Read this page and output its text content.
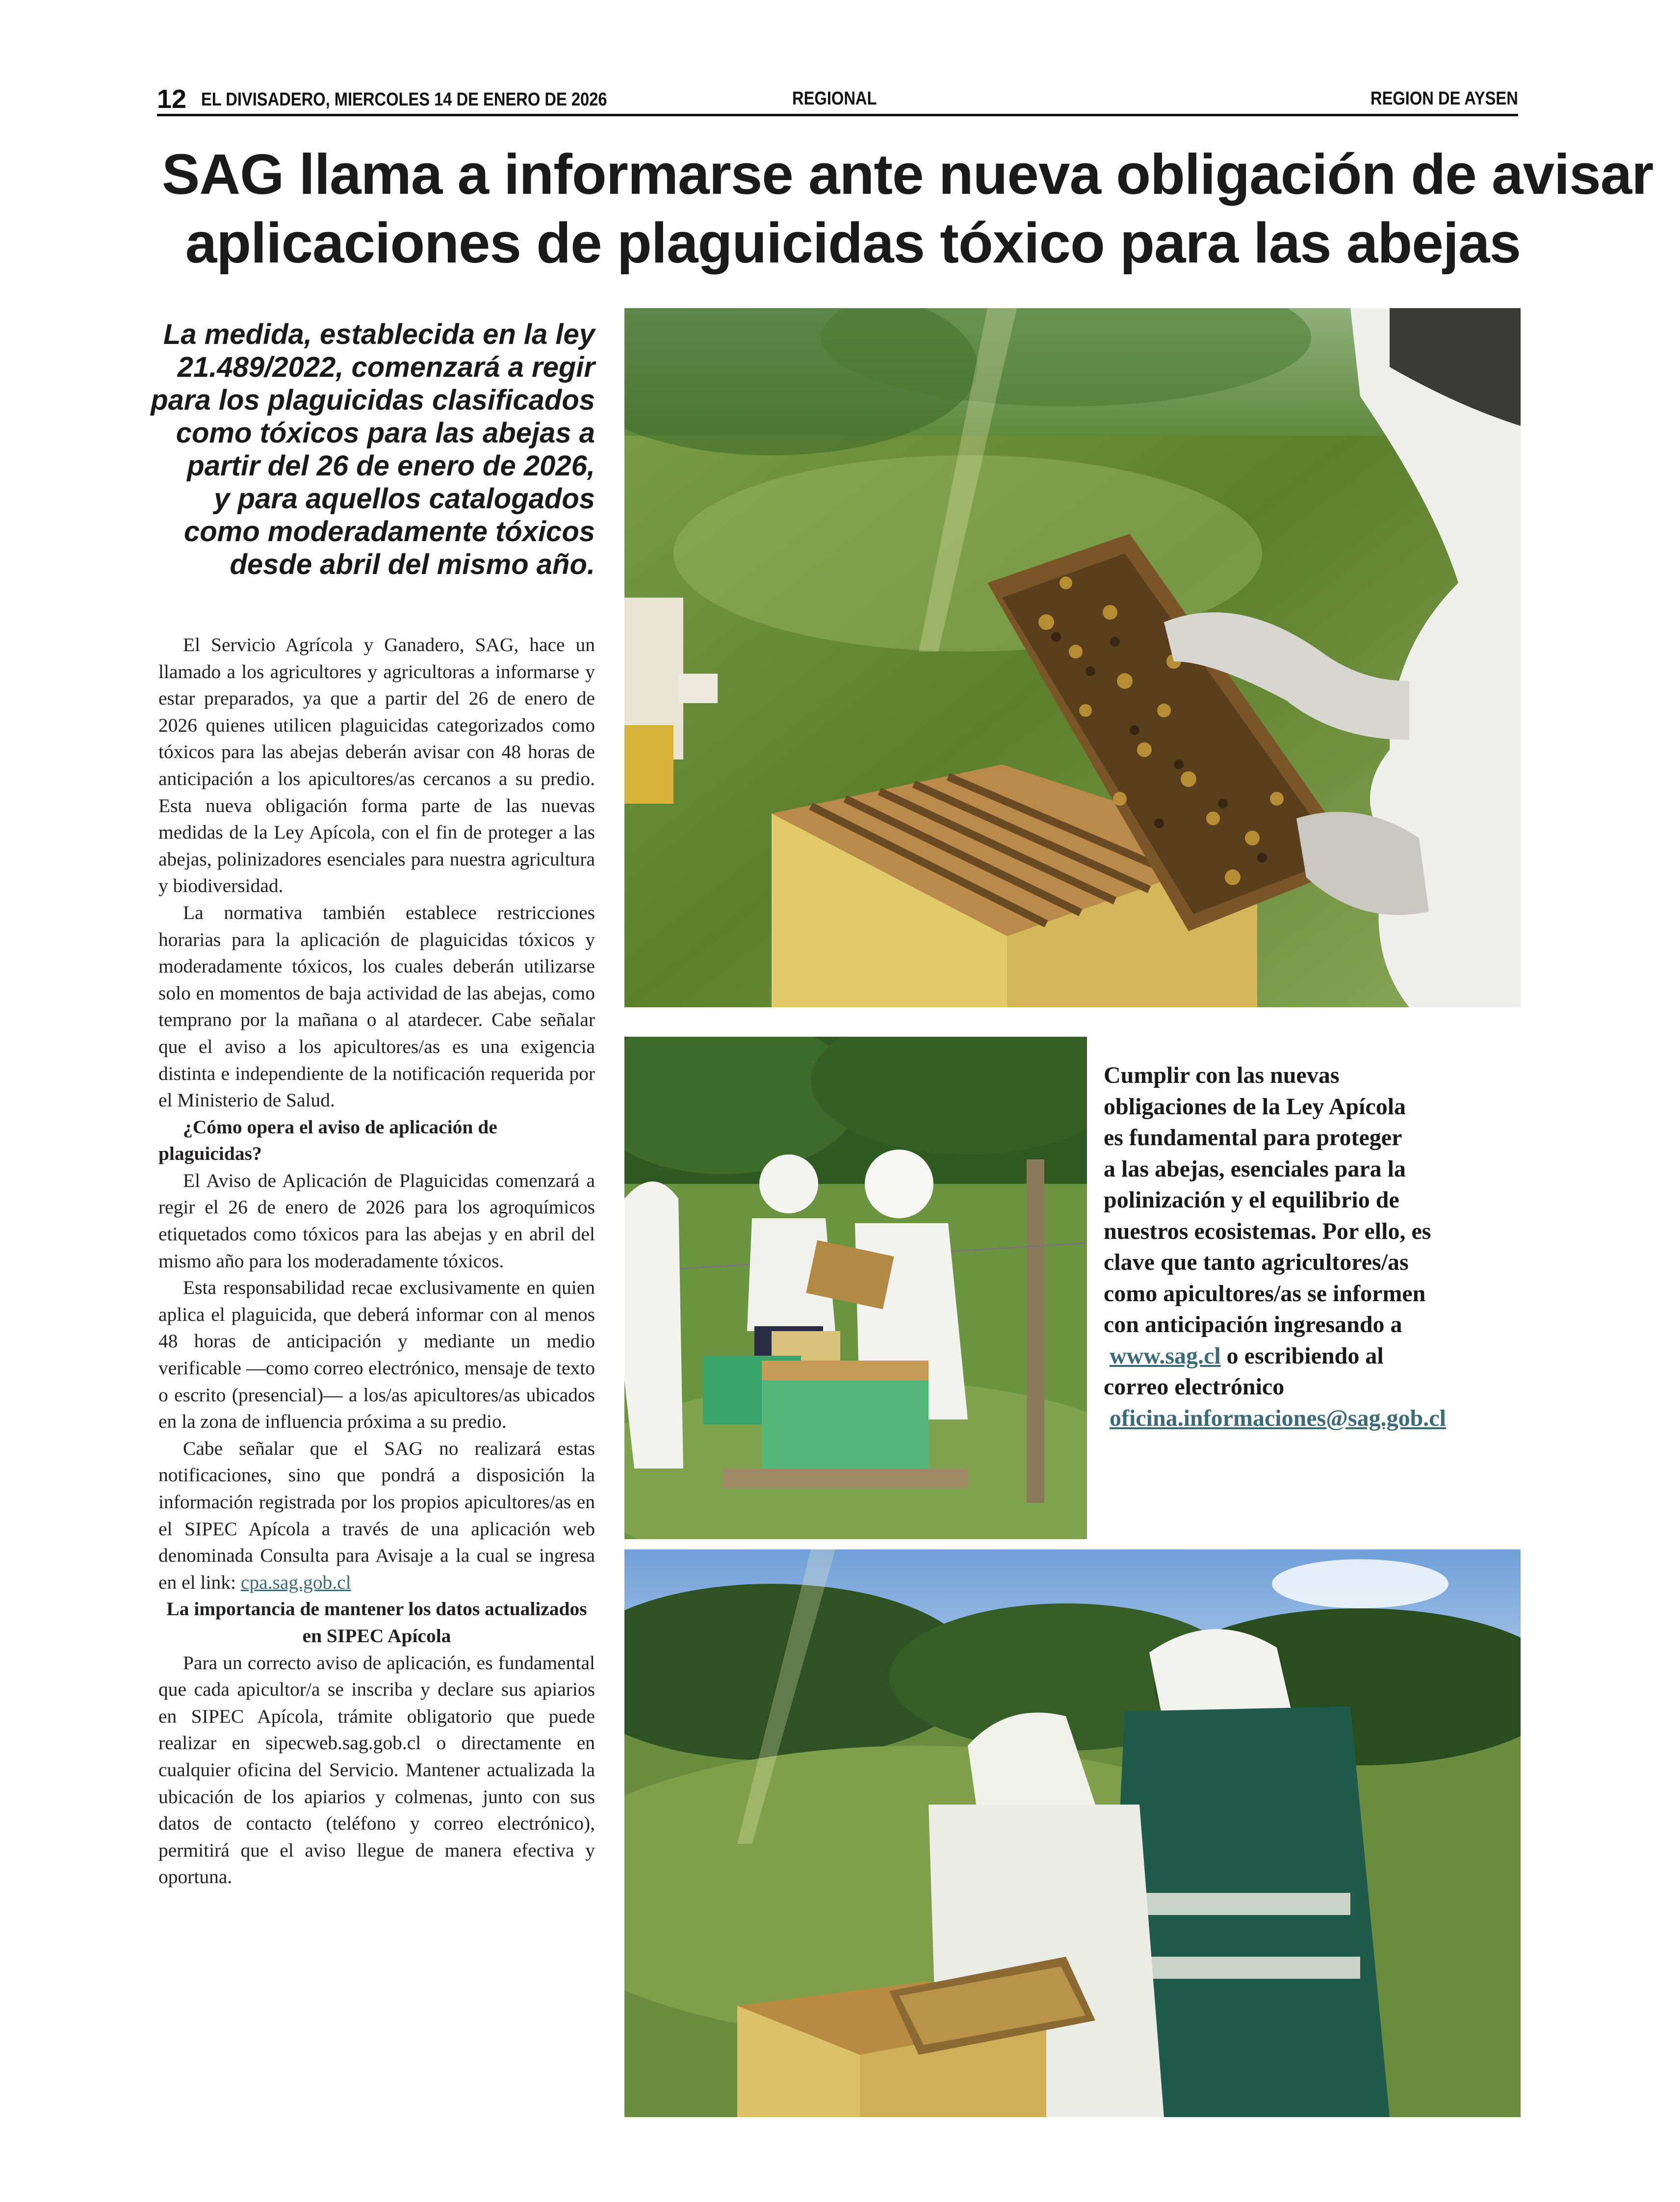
12 EL DIVISADERO, MIERCOLES 14 DE ENERO DE 2026	REGIONAL	REGION DE AYSEN
SAG llama a informarse ante nueva obligación de avisar
aplicaciones de plaguicidas tóxico para las abejas
La medida, establecida en la ley
21.489/2022, comenzará a regir
para los plaguicidas clasificados
como tóxicos para las abejas a
partir del 26 de enero de 2026,
y para aquellos catalogados
como moderadamente tóxicos
desde abril del mismo año.

El Servicio Agrícola y Ganadero, SAG, hace un llamado a los agricultores y agricultoras a informarse y estar preparados, ya que a partir del 26 de enero de 2026 quienes utilicen plaguicidas categorizados como tóxicos para las abejas deberán avisar con 48 horas de anticipación a los apicultores/as cercanos a su predio. Esta nueva obligación forma parte de las nuevas medidas de la Ley Apícola, con el fin de proteger a las abejas, polinizadores esenciales para nuestra agricultura y biodiversidad.

La normativa también establece restricciones horarias para la aplicación de plaguicidas tóxicos y moderadamente tóxicos, los cuales deberán utilizarse solo en momentos de baja actividad de las abejas, como temprano por la mañana o al atardecer. Cabe señalar que el aviso a los apicultores/as es una exigencia distinta e independiente de la notificación requerida por el Ministerio de Salud.

¿Cómo opera el aviso de aplicación de plaguicidas?

El Aviso de Aplicación de Plaguicidas comenzará a regir el 26 de enero de 2026 para los agroquímicos etiquetados como tóxicos para las abejas y en abril del mismo año para los moderadamente tóxicos.

Esta responsabilidad recae exclusivamente en quien aplica el plaguicida, que deberá informar con al menos 48 horas de anticipación y mediante un medio verificable —como correo electrónico, mensaje de texto o escrito (presencial)— a los/as apicultores/as ubicados en la zona de influencia próxima a su predio.

Cabe señalar que el SAG no realizará estas notificaciones, sino que pondrá a disposición la información registrada por los propios apicultores/as en el SIPEC Apícola a través de una aplicación web denominada Consulta para Avisaje a la cual se ingresa en el link: cpa.sag.gob.cl

La importancia de mantener los datos actualizados en SIPEC Apícola

Para un correcto aviso de aplicación, es fundamental que cada apicultor/a se inscriba y declare sus apiarios en SIPEC Apícola, trámite obligatorio que puede realizar en sipecweb.sag.gob.cl o directamente en cualquier oficina del Servicio. Mantener actualizada la ubicación de los apiarios y colmenas, junto con sus datos de contacto (teléfono y correo electrónico), permitirá que el aviso llegue de manera efectiva y oportuna.

Cumplir con las nuevas
obligaciones de la Ley Apícola
es fundamental para proteger
a las abejas, esenciales para la
polinización y el equilibrio de
nuestros ecosistemas. Por ello, es
clave que tanto agricultores/as
como apicultores/as se informen
con anticipación ingresando a
www.sag.cl o escribiendo al
correo electrónico
oficina.informaciones@sag.gob.cl
